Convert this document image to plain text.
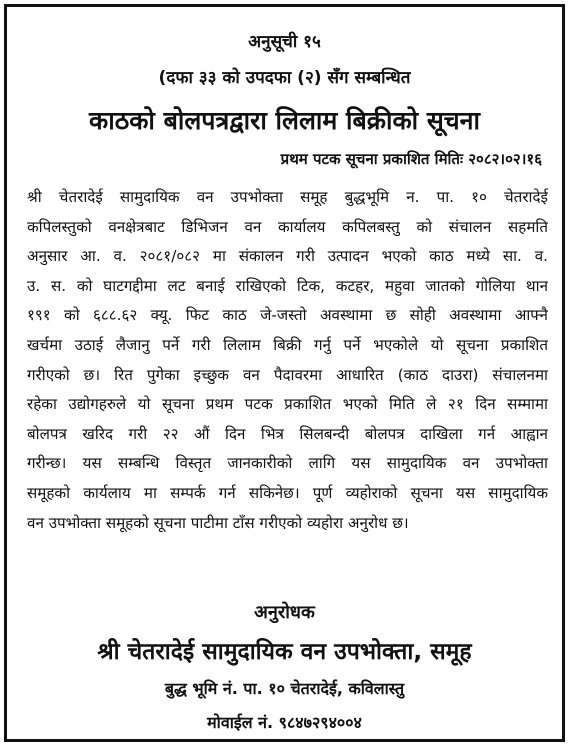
अनुसूची १५
(दफा ३३ को उपदफा (२) सँग सम्बन्धित
काठको बोलपत्रद्वारा लिलाम बिक्रीको सूचना
प्रथम पटक सूचना प्रकाशित मितिः २०८२।०२।१६
श्री चेतरादेई सामुदायिक वन उपभोक्ता समूह बुद्धभूमि न. पा. १० चेतरादेई
कपिलस्तुको वनक्षेत्रबाट डिभिजन वन कार्यालय कपिलबस्तु को संचालन सहमति
अनुसार आ. व. २०८१/०८२ मा संकालन गरी उत्पादन भएको काठ मध्ये सा. व.
उ. स. को घाटगद्दीमा लट बनाई राखिएको टिक, कटहर, महुवा जातको गोलिया थान
१९१ को ६८८.६२ क्यू. फिट काठ जे-जस्तो अवस्थामा छ सोही अवस्थामा आफ्नै
खर्चमा उठाई लैजानु पर्ने गरी लिलाम बिक्री गर्नु पर्ने भएकोले यो सूचना प्रकाशित
गरीएको छ। रित पुगेका इच्छुक वन पैदावरमा आधारित (काठ दाउरा) संचालनमा
रहेका उद्योगहरुले यो सूचना प्रथम पटक प्रकाशित भएको मिति ले २१ दिन सम्मामा
बोलपत्र खरिद गरी २२ औं दिन भित्र सिलबन्दी बोलपत्र दाखिला गर्न आह्वान
गरीन्छ। यस सम्बन्धि विस्तृत जानकारीको लागि यस सामुदायिक वन उपभोक्ता
समूहको कार्यलाय मा सम्पर्क गर्न सकिनेछ। पूर्ण व्यहोराको सूचना यस सामुदायिक
वन उपभोक्ता समूहको सूचना पाटीमा टाँस गरीएको व्यहोरा अनुरोध छ।
अनुरोधक
श्री चेतरादेई सामुदायिक वन उपभोक्ता, समूह
बुद्ध भूमि नं. पा. १० चेतरादेई, कविलास्तु
मोवाईल नं. ९८४७२९४००४
